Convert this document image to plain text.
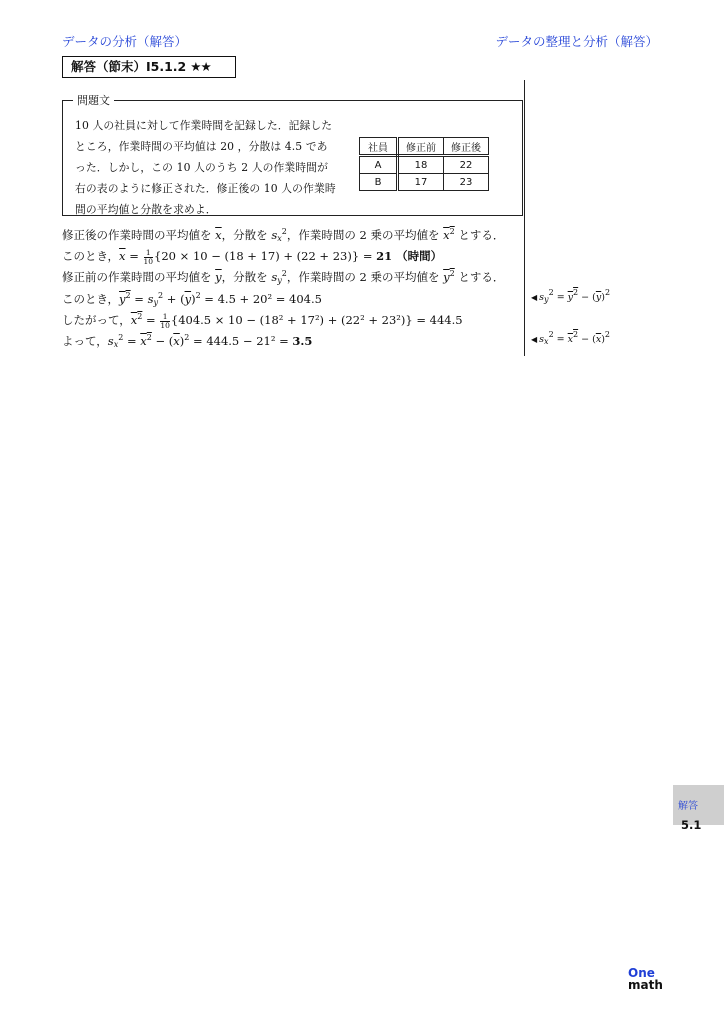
データの分析（解答）	データの整理と分析（解答）
解答（節末）I5.1.2 ★★
問題文
10 人の社員に対して作業時間を記録した．記録したところ，作業時間の平均値は 20 ，分散は 4.5 であった．しかし，この 10 人のうち 2 人の作業時間が右の表のように修正された．修正後の 10 人の作業時間の平均値と分散を求めよ．
社員	修正前	修正後
A	18	22
B	17	23
修正後の作業時間の平均値を $\overline{x}$，分散を $s_x^2$，作業時間の 2 乗の平均値を $x^2$ とする．
このとき，$\overline{x} = \frac{1}{10} \{20 \times 10 - (18 + 17) + (22 + 23)\} = 21$ （時間）
修正前の作業時間の平均値を $\overline{y}$，分散を $s_y^2$，作業時間の 2 乗の平均値を $y^2$ とする．
このとき，$y^2 = s_y^2 + (\overline{y})^2 = 4.5 + 20^2 = 404.5$
したがって，$x^2 = \frac{1}{10} \{404.5 \times 10 - (18^2 + 17^2) + (22^2 + 23^2)\} = 444.5$
よって，$s_x^2 = x^2 - (\overline{x})^2 = 444.5 - 21^2 = 3.5$
◀ $s_y^2 = y^2 - (\overline{y})^2$
◀ $s_x^2 = x^2 - (\overline{x})^2$
解答
5.1
One
math
